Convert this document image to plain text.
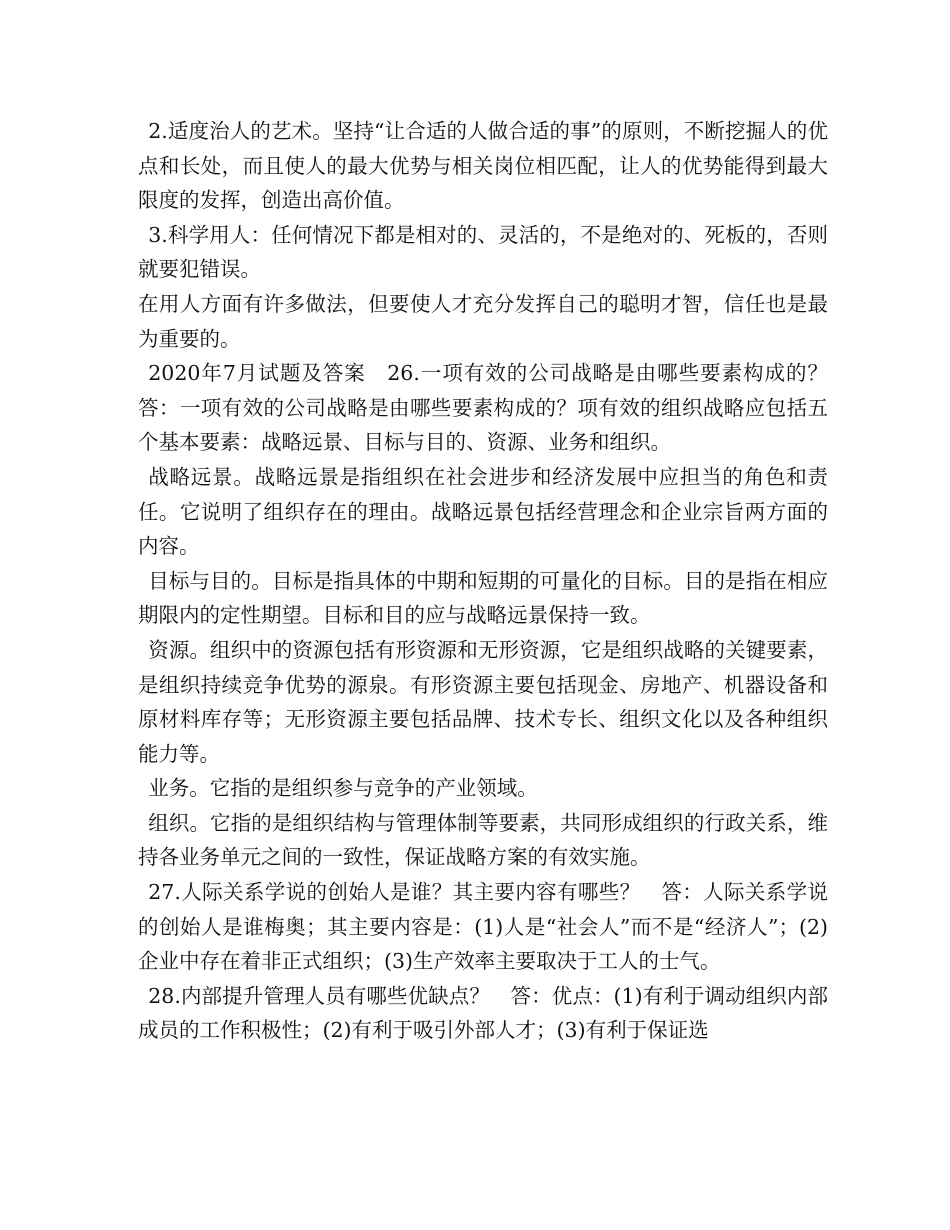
2.适度治人的艺术。坚持“让合适的人做合适的事”的原则，不断挖掘人的优点和长处，而且使人的最大优势与相关岗位相匹配，让人的优势能得到最大限度的发挥，创造出高价值。

3.科学用人：任何情况下都是相对的、灵活的，不是绝对的、死板的，否则就要犯错误。

在用人方面有许多做法，但要使人才充分发挥自己的聪明才智，信任也是最为重要的。

2020年7月试题及答案　26.一项有效的公司战略是由哪些要素构成的？　答：一项有效的公司战略是由哪些要素构成的？项有效的组织战略应包括五个基本要素：战略远景、目标与目的、资源、业务和组织。

战略远景。战略远景是指组织在社会进步和经济发展中应担当的角色和责任。它说明了组织存在的理由。战略远景包括经营理念和企业宗旨两方面的内容。

目标与目的。目标是指具体的中期和短期的可量化的目标。目的是指在相应期限内的定性期望。目标和目的应与战略远景保持一致。

资源。组织中的资源包括有形资源和无形资源，它是组织战略的关键要素，是组织持续竞争优势的源泉。有形资源主要包括现金、房地产、机器设备和原材料库存等；无形资源主要包括品牌、技术专长、组织文化以及各种组织能力等。

业务。它指的是组织参与竞争的产业领域。

组织。它指的是组织结构与管理体制等要素，共同形成组织的行政关系，维持各业务单元之间的一致性，保证战略方案的有效实施。

27.人际关系学说的创始人是谁？其主要内容有哪些？　答：人际关系学说的创始人是谁梅奥；其主要内容是：(1)人是“社会人”而不是“经济人”；(2)企业中存在着非正式组织；(3)生产效率主要取决于工人的士气。

28.内部提升管理人员有哪些优缺点？　答：优点：(1)有利于调动组织内部成员的工作积极性；(2)有利于吸引外部人才；(3)有利于保证选
